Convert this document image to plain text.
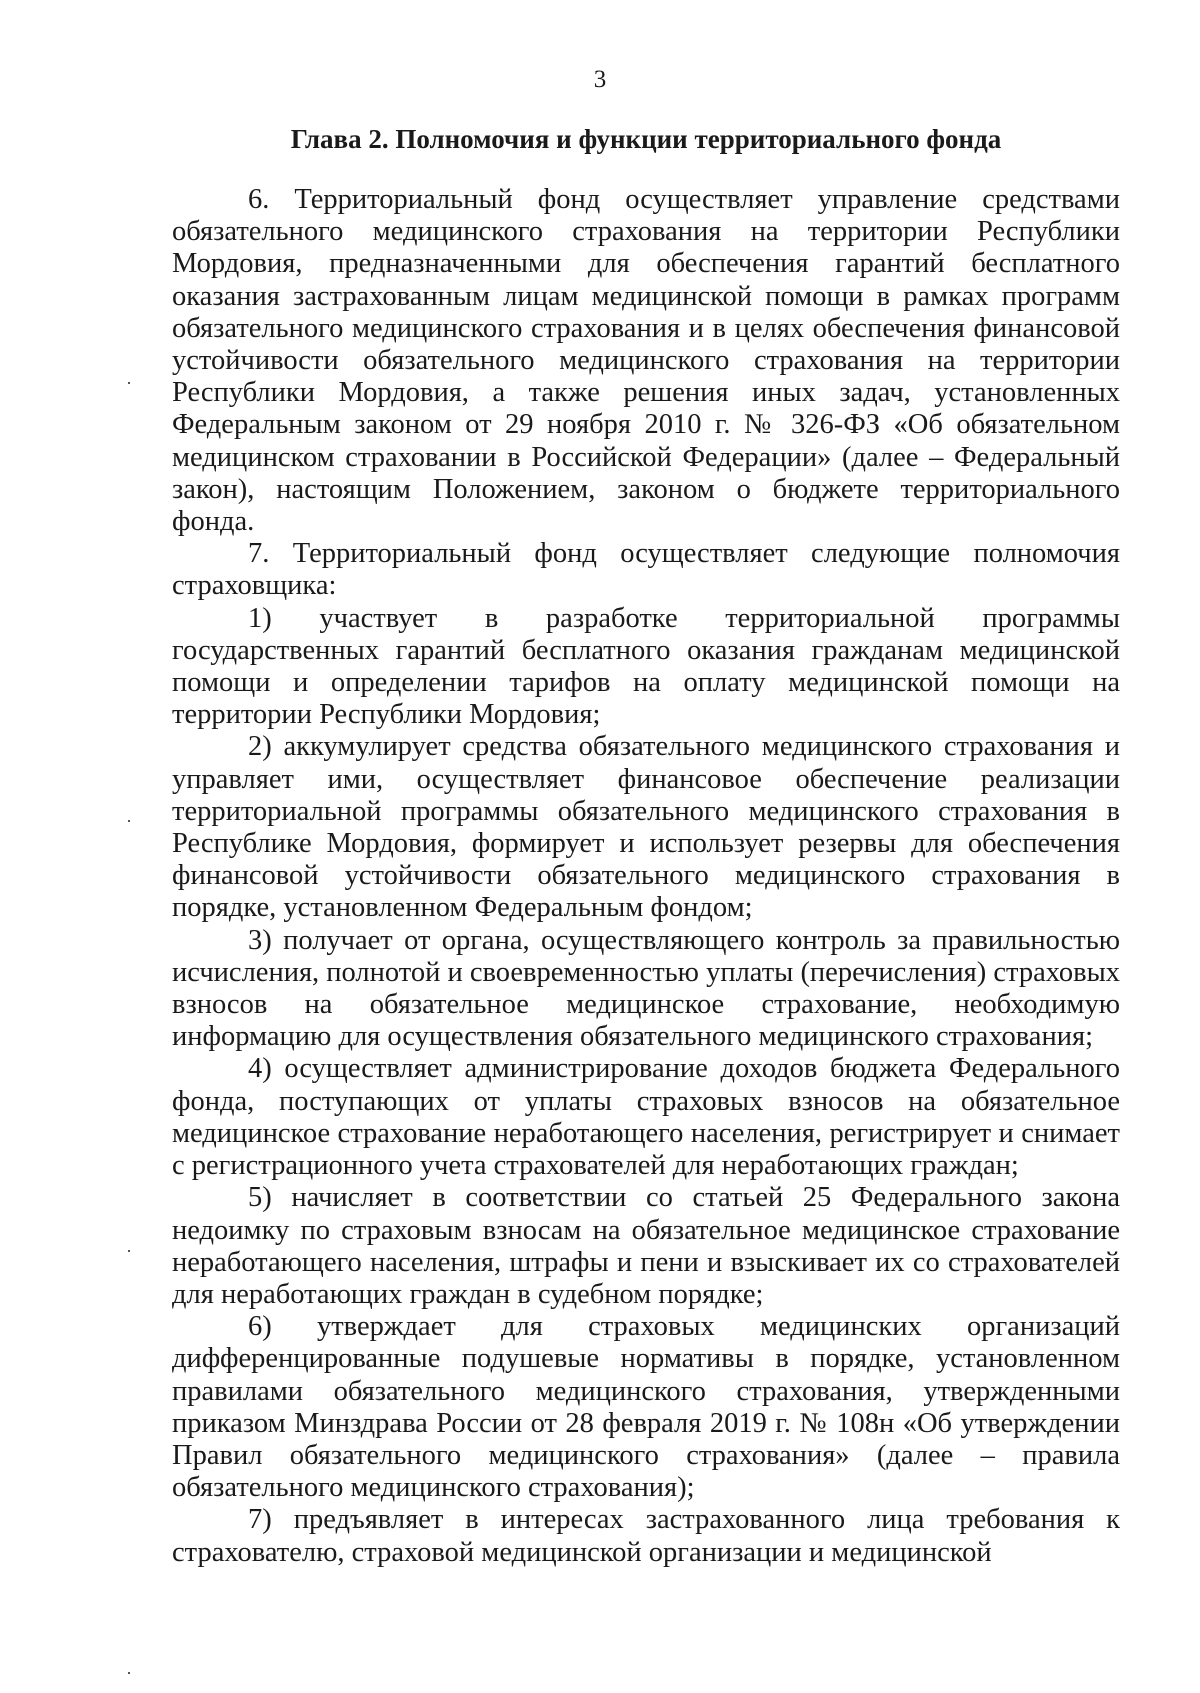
3
Глава 2. Полномочия и функции территориального фонда

6. Территориальный фонд осуществляет управление средствами обязательного медицинского страхования на территории Республики Мордовия, предназначенными для обеспечения гарантий бесплатного оказания застрахованным лицам медицинской помощи в рамках программ обязательного медицинского страхования и в целях обеспечения финансовой устойчивости обязательного медицинского страхования на территории Республики Мордовия, а также решения иных задач, установленных Федеральным законом от 29 ноября 2010 г. № 326-ФЗ «Об обязательном медицинском страховании в Российской Федерации» (далее – Федеральный закон), настоящим Положением, законом о бюджете территориального фонда.

7. Территориальный фонд осуществляет следующие полномочия страховщика:

1) участвует в разработке территориальной программы государственных гарантий бесплатного оказания гражданам медицинской помощи и определении тарифов на оплату медицинской помощи на территории Республики Мордовия;

2) аккумулирует средства обязательного медицинского страхования и управляет ими, осуществляет финансовое обеспечение реализации территориальной программы обязательного медицинского страхования в Республике Мордовия, формирует и использует резервы для обеспечения финансовой устойчивости обязательного медицинского страхования в порядке, установленном Федеральным фондом;

3) получает от органа, осуществляющего контроль за правильностью исчисления, полнотой и своевременностью уплаты (перечисления) страховых взносов на обязательное медицинское страхование, необходимую информацию для осуществления обязательного медицинского страхования;

4) осуществляет администрирование доходов бюджета Федерального фонда, поступающих от уплаты страховых взносов на обязательное медицинское страхование неработающего населения, регистрирует и снимает с регистрационного учета страхователей для неработающих граждан;

5) начисляет в соответствии со статьей 25 Федерального закона недоимку по страховым взносам на обязательное медицинское страхование неработающего населения, штрафы и пени и взыскивает их со страхователей для неработающих граждан в судебном порядке;

6) утверждает для страховых медицинских организаций дифференцированные подушевые нормативы в порядке, установленном правилами обязательного медицинского страхования, утвержденными приказом Минздрава России от 28 февраля 2019 г. № 108н «Об утверждении Правил обязательного медицинского страхования» (далее – правила обязательного медицинского страхования);

7) предъявляет в интересах застрахованного лица требования к страхователю, страховой медицинской организации и медицинской
